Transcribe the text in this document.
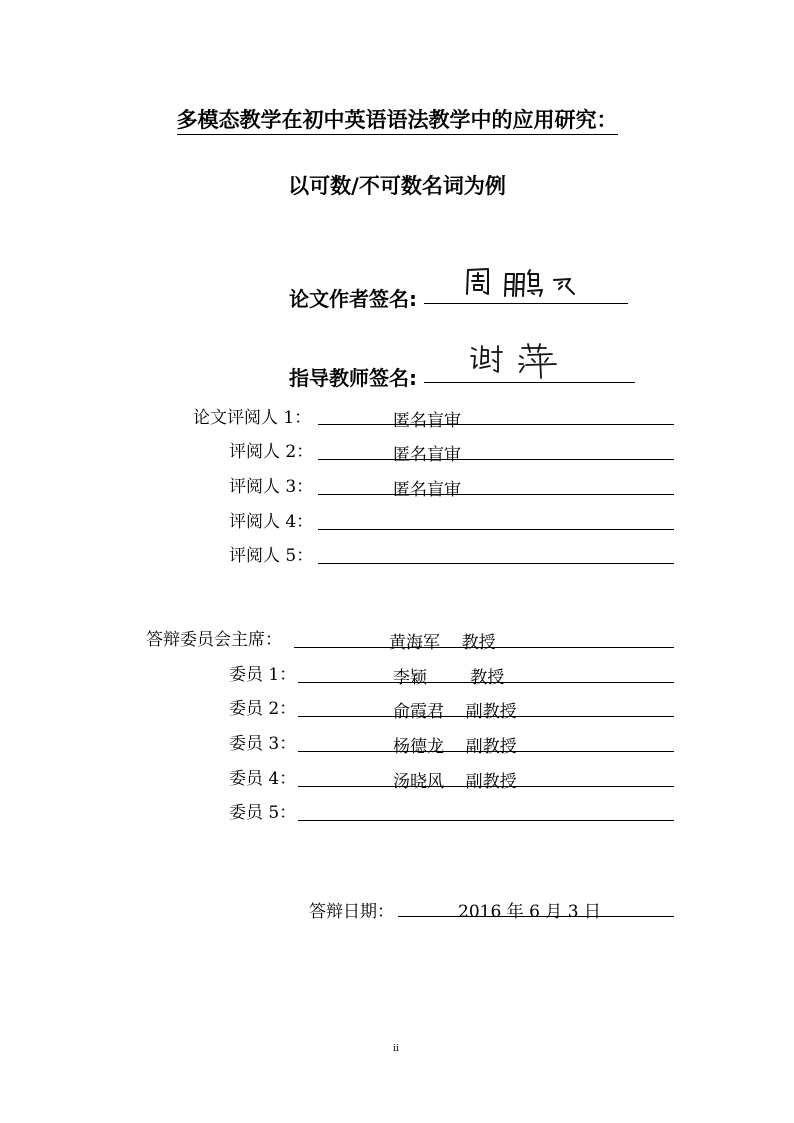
多模态教学在初中英语语法教学中的应用研究：
以可数/不可数名词为例
论文作者签名:
指导教师签名:
论文评阅人 1：	匿名盲审
评阅人 2：	匿名盲审
评阅人 3：	匿名盲审
评阅人 4：
评阅人 5：
答辩委员会主席：	黄海军    教授
委员 1：	李颖        教授
委员 2：	俞霞君    副教授
委员 3：	杨德龙    副教授
委员 4：	汤晓风    副教授
委员 5：
答辩日期：	2016 年 6 月 3 日
ii
